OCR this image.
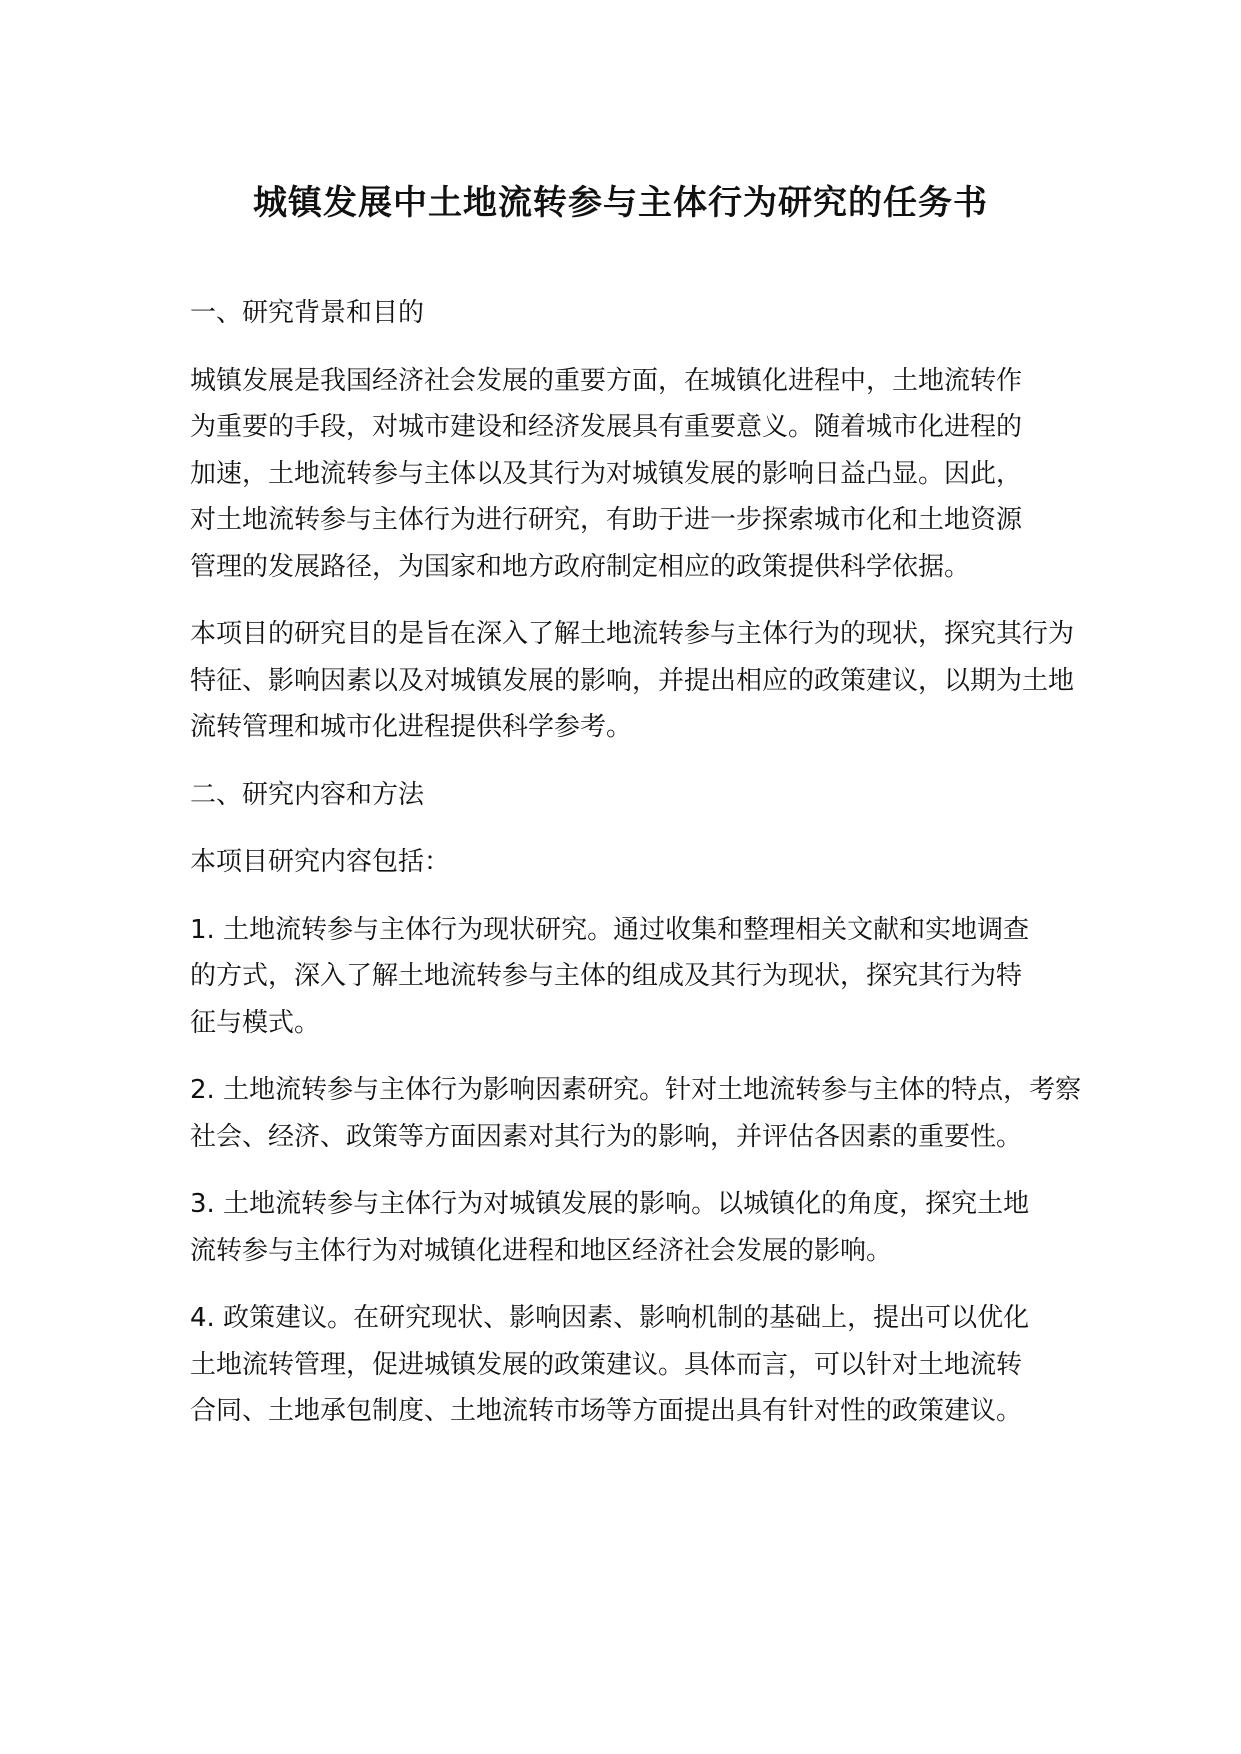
城镇发展中土地流转参与主体行为研究的任务书

一、研究背景和目的

城镇发展是我国经济社会发展的重要方面，在城镇化进程中，土地流转作为重要的手段，对城市建设和经济发展具有重要意义。随着城市化进程的加速，土地流转参与主体以及其行为对城镇发展的影响日益凸显。因此，对土地流转参与主体行为进行研究，有助于进一步探索城市化和土地资源管理的发展路径，为国家和地方政府制定相应的政策提供科学依据。

本项目的研究目的是旨在深入了解土地流转参与主体行为的现状，探究其行为特征、影响因素以及对城镇发展的影响，并提出相应的政策建议，以期为土地流转管理和城市化进程提供科学参考。

二、研究内容和方法

本项目研究内容包括：

1. 土地流转参与主体行为现状研究。通过收集和整理相关文献和实地调查的方式，深入了解土地流转参与主体的组成及其行为现状，探究其行为特征与模式。

2. 土地流转参与主体行为影响因素研究。针对土地流转参与主体的特点，考察社会、经济、政策等方面因素对其行为的影响，并评估各因素的重要性。

3. 土地流转参与主体行为对城镇发展的影响。以城镇化的角度，探究土地流转参与主体行为对城镇化进程和地区经济社会发展的影响。

4. 政策建议。在研究现状、影响因素、影响机制的基础上，提出可以优化土地流转管理，促进城镇发展的政策建议。具体而言，可以针对土地流转合同、土地承包制度、土地流转市场等方面提出具有针对性的政策建议。
